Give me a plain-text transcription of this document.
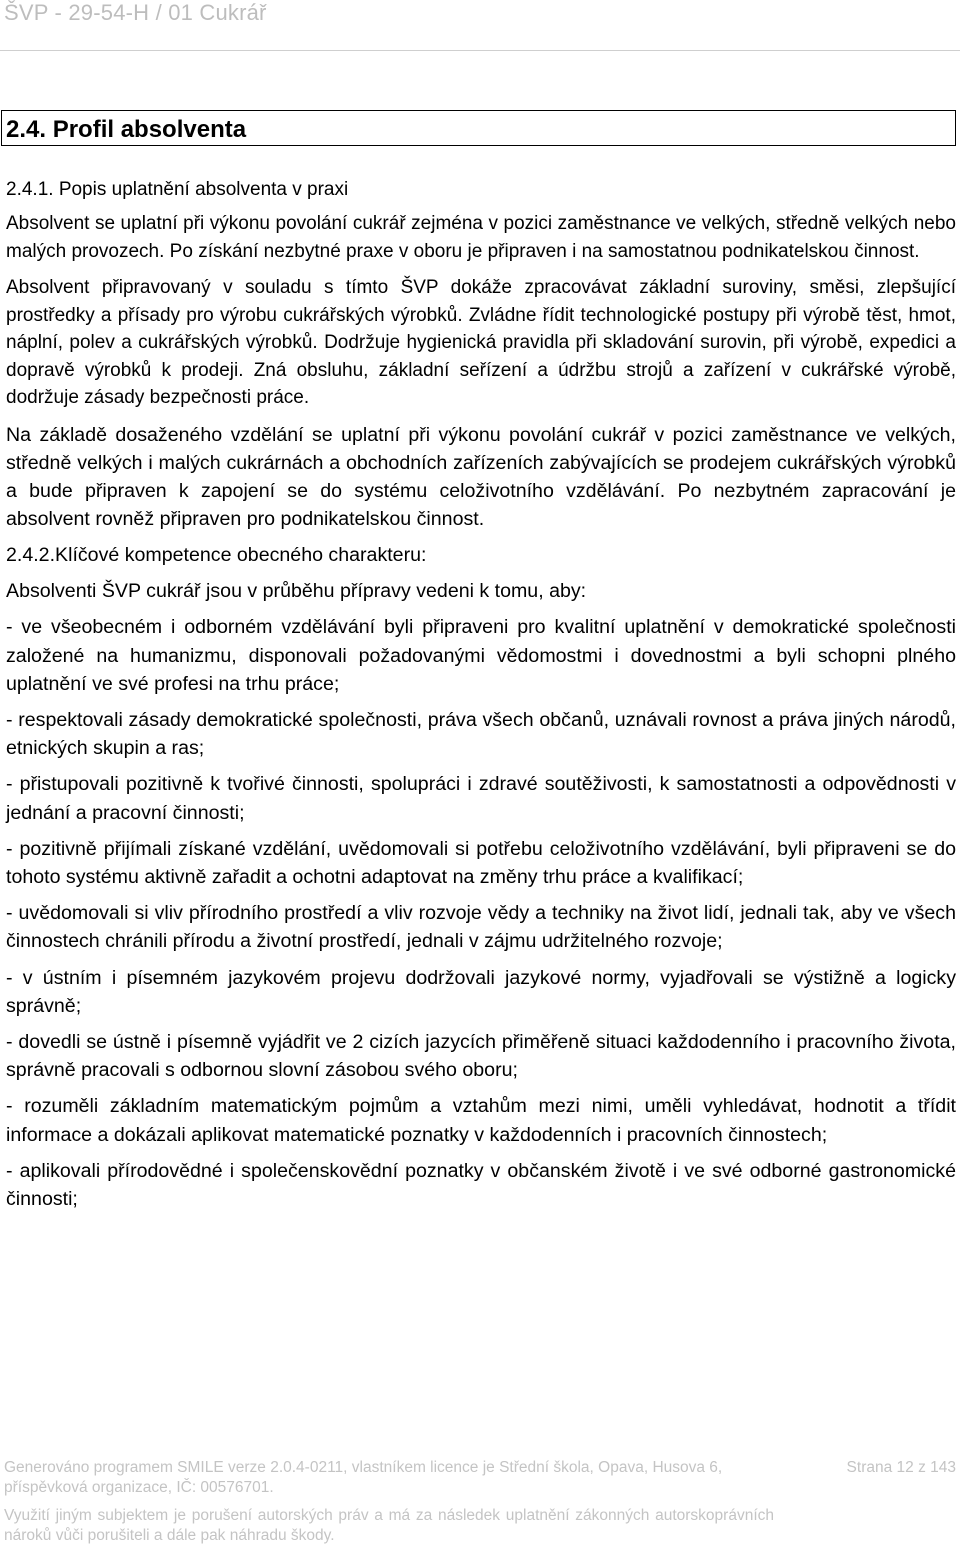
ŠVP - 29-54-H / 01 Cukrář
2.4. Profil absolventa
2.4.1. Popis uplatnění absolventa v praxi

Absolvent se uplatní při výkonu povolání cukrář zejména v pozici zaměstnance ve velkých, středně velkých nebo malých provozech. Po získání nezbytné praxe v oboru je připraven i na samostatnou podnikatelskou činnost.

Absolvent připravovaný v souladu s tímto ŠVP dokáže zpracovávat základní suroviny, směsi, zlepšující prostředky a přísady pro výrobu cukrářských výrobků. Zvládne řídit technologické postupy při výrobě těst, hmot, náplní, polev a cukrářských výrobků. Dodržuje hygienická pravidla při skladování surovin, při výrobě, expedici a dopravě výrobků k prodeji. Zná obsluhu, základní seřízení a údržbu strojů a zařízení v cukrářské výrobě, dodržuje zásady bezpečnosti práce.

Na základě dosaženého vzdělání se uplatní při výkonu povolání cukrář v pozici zaměstnance ve velkých, středně velkých i malých cukrárnách a obchodních zařízeních zabývajících se prodejem cukrářských výrobků a bude připraven k zapojení se do systému celoživotního vzdělávání. Po nezbytném zapracování je absolvent rovněž připraven pro podnikatelskou činnost.

2.4.2.Klíčové kompetence obecného charakteru:
Absolventi ŠVP cukrář jsou v průběhu přípravy vedeni k tomu, aby:
- ve všeobecném i odborném vzdělávání byli připraveni pro kvalitní uplatnění v demokratické společnosti založené na humanizmu, disponovali požadovanými vědomostmi i dovednostmi a byli schopni plného uplatnění ve své profesi na trhu práce;
- respektovali zásady demokratické společnosti, práva všech občanů, uznávali rovnost a práva jiných národů, etnických skupin a ras;
- přistupovali pozitivně k tvořivé činnosti, spolupráci i zdravé soutěživosti, k samostatnosti a odpovědnosti v jednání a pracovní činnosti;
- pozitivně přijímali získané vzdělání, uvědomovali si potřebu celoživotního vzdělávání, byli připraveni se do tohoto systému aktivně zařadit a ochotni adaptovat na změny trhu práce a kvalifikací;
- uvědomovali si vliv přírodního prostředí a vliv rozvoje vědy a techniky na život lidí, jednali tak, aby ve všech činnostech chránili přírodu a životní prostředí, jednali v zájmu udržitelného rozvoje;
- v ústním i písemném jazykovém projevu dodržovali jazykové normy, vyjadřovali se výstižně a logicky správně;
- dovedli se ústně i písemně vyjádřit ve 2 cizích jazycích přiměřeně situaci každodenního i pracovního života, správně pracovali s odbornou slovní zásobou svého oboru;
- rozuměli základním matematickým pojmům a vztahům mezi nimi, uměli vyhledávat, hodnotit a třídit informace a dokázali aplikovat matematické poznatky v každodenních i pracovních činnostech;
- aplikovali přírodovědné i společenskovědní poznatky v občanském životě i ve své odborné gastronomické činnosti;
Generováno programem SMILE verze 2.0.4-0211, vlastníkem licence je Střední škola, Opava, Husova 6,
příspěvková organizace, IČ: 00576701.
Strana 12 z 143
Využití jiným subjektem je porušení autorských práv a má za následek uplatnění zákonných autorskoprávních nároků vůči porušiteli a dále pak náhradu škody.
